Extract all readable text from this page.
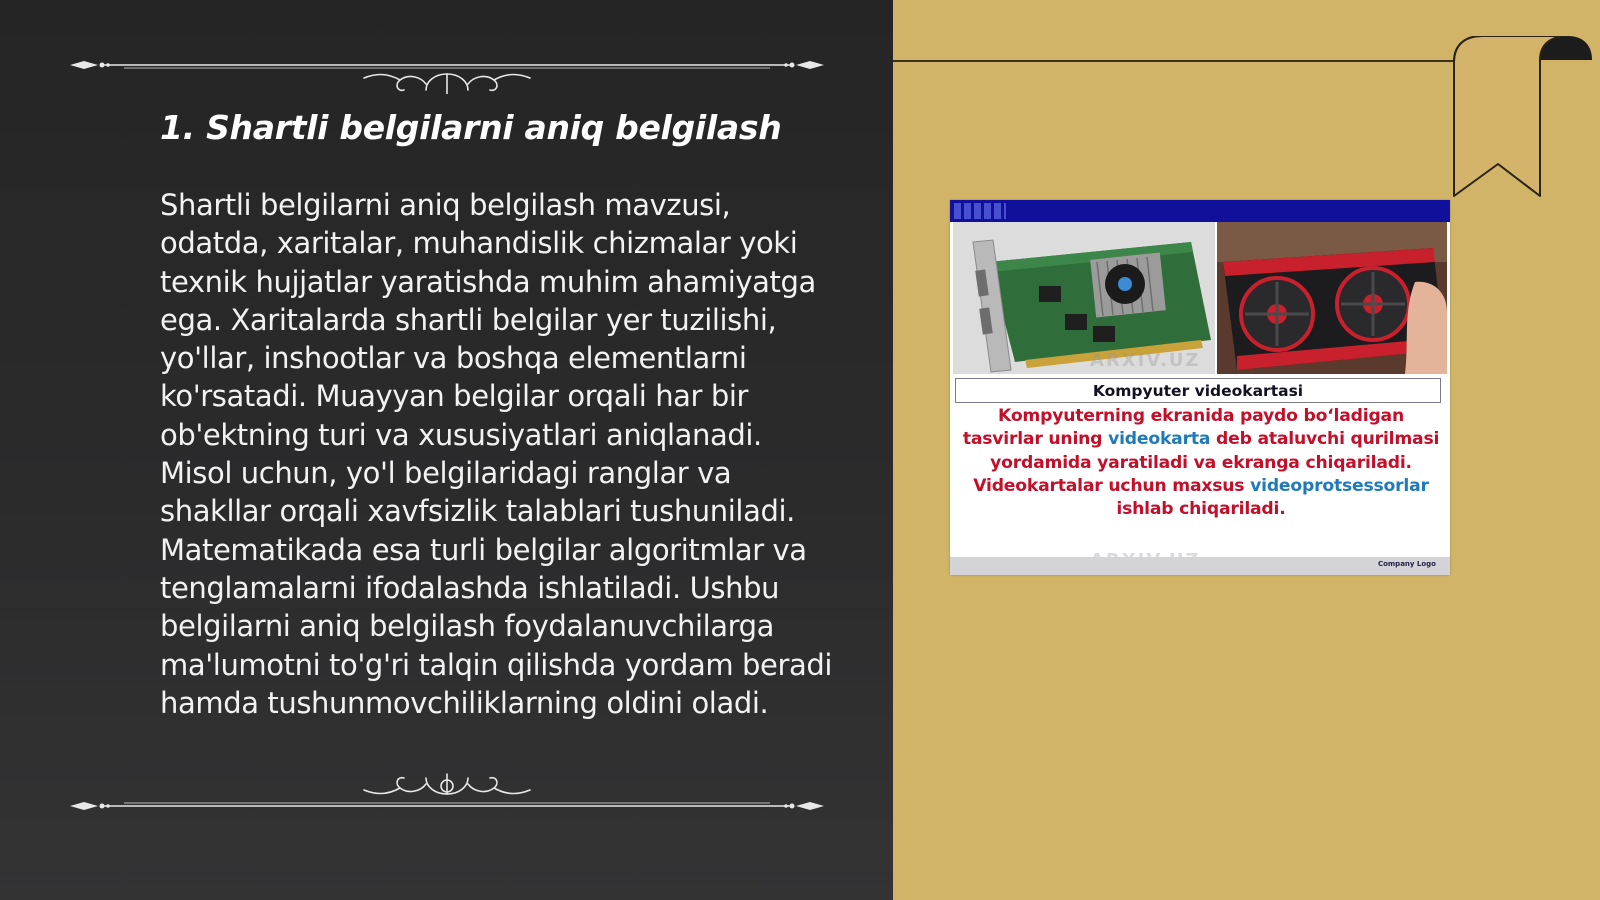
1. Shartli belgilarni aniq belgilash

Shartli belgilarni aniq belgilash mavzusi, odatda, xaritalar, muhandislik chizmalar yoki texnik hujjatlar yaratishda muhim ahamiyatga ega. Xaritalarda shartli belgilar yer tuzilishi, yo'llar, inshootlar va boshqa elementlarni ko'rsatadi. Muayyan belgilar orqali har bir ob'ektning turi va xususiyatlari aniqlanadi. Misol uchun, yo'l belgilaridagi ranglar va shakllar orqali xavfsizlik talablari tushuniladi. Matematikada esa turli belgilar algoritmlar va tenglamalarni ifodalashda ishlatiladi. Ushbu belgilarni aniq belgilash foydalanuvchilarga ma'lumotni to'g'ri talqin qilishda yordam beradi hamda tushunmovchiliklarning oldini oladi.

ARXIV.UZ
Kompyuter videokartasi
Kompyuterning ekranida paydo bo‘ladigan tasvirlar uning videokarta deb ataluvchi qurilmasi yordamida yaratiladi va ekranga chiqariladi. Videokartalar uchun maxsus videoprotsessorlar ishlab chiqariladi.
Company Logo
